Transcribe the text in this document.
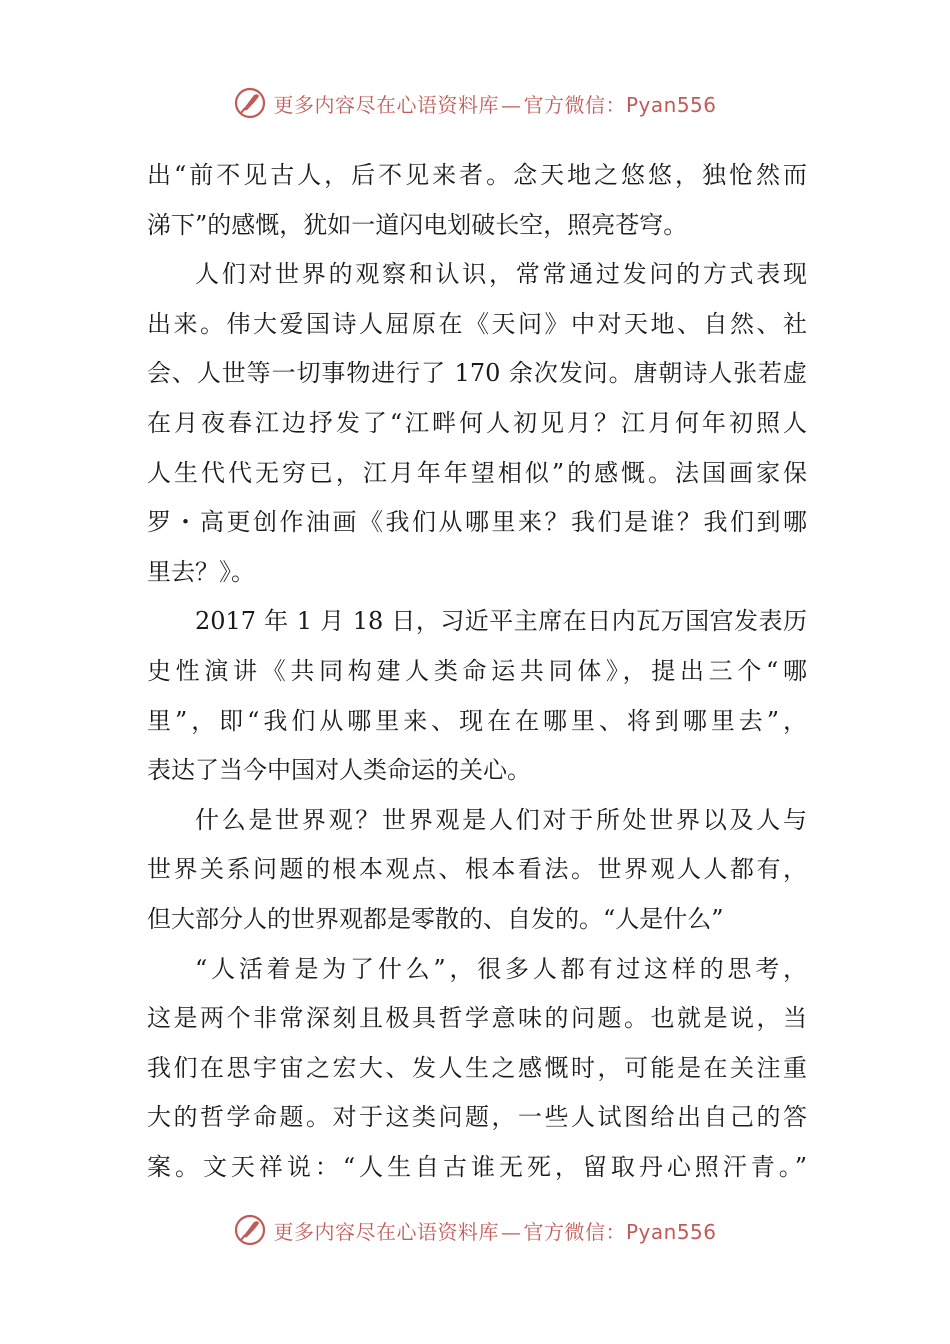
更多内容尽在心语资料库 — 官方微信：Pyan556
出“前不见古人，后不见来者。念天地之悠悠，独怆然而
涕下”的感慨，犹如一道闪电划破长空，照亮苍穹。
人们对世界的观察和认识，常常通过发问的方式表现
出来。伟大爱国诗人屈原在《天问》中对天地、自然、社
会、人世等一切事物进行了 170 余次发问。唐朝诗人张若虚
在月夜春江边抒发了“江畔何人初见月？江月何年初照人
人生代代无穷已，江月年年望相似”的感慨。法国画家保
罗・高更创作油画《我们从哪里来？我们是谁？我们到哪
里去？》。
2017 年 1 月 18 日，习近平主席在日内瓦万国宫发表历
史性演讲《共同构建人类命运共同体》，提出三个“哪
里”，即“我们从哪里来、现在在哪里、将到哪里去”，
表达了当今中国对人类命运的关心。
什么是世界观？世界观是人们对于所处世界以及人与
世界关系问题的根本观点、根本看法。世界观人人都有，
但大部分人的世界观都是零散的、自发的。“人是什么”
“人活着是为了什么”，很多人都有过这样的思考，
这是两个非常深刻且极具哲学意味的问题。也就是说，当
我们在思宇宙之宏大、发人生之感慨时，可能是在关注重
大的哲学命题。对于这类问题，一些人试图给出自己的答
案。文天祥说：“人生自古谁无死，留取丹心照汗青。”
更多内容尽在心语资料库 — 官方微信：Pyan556
